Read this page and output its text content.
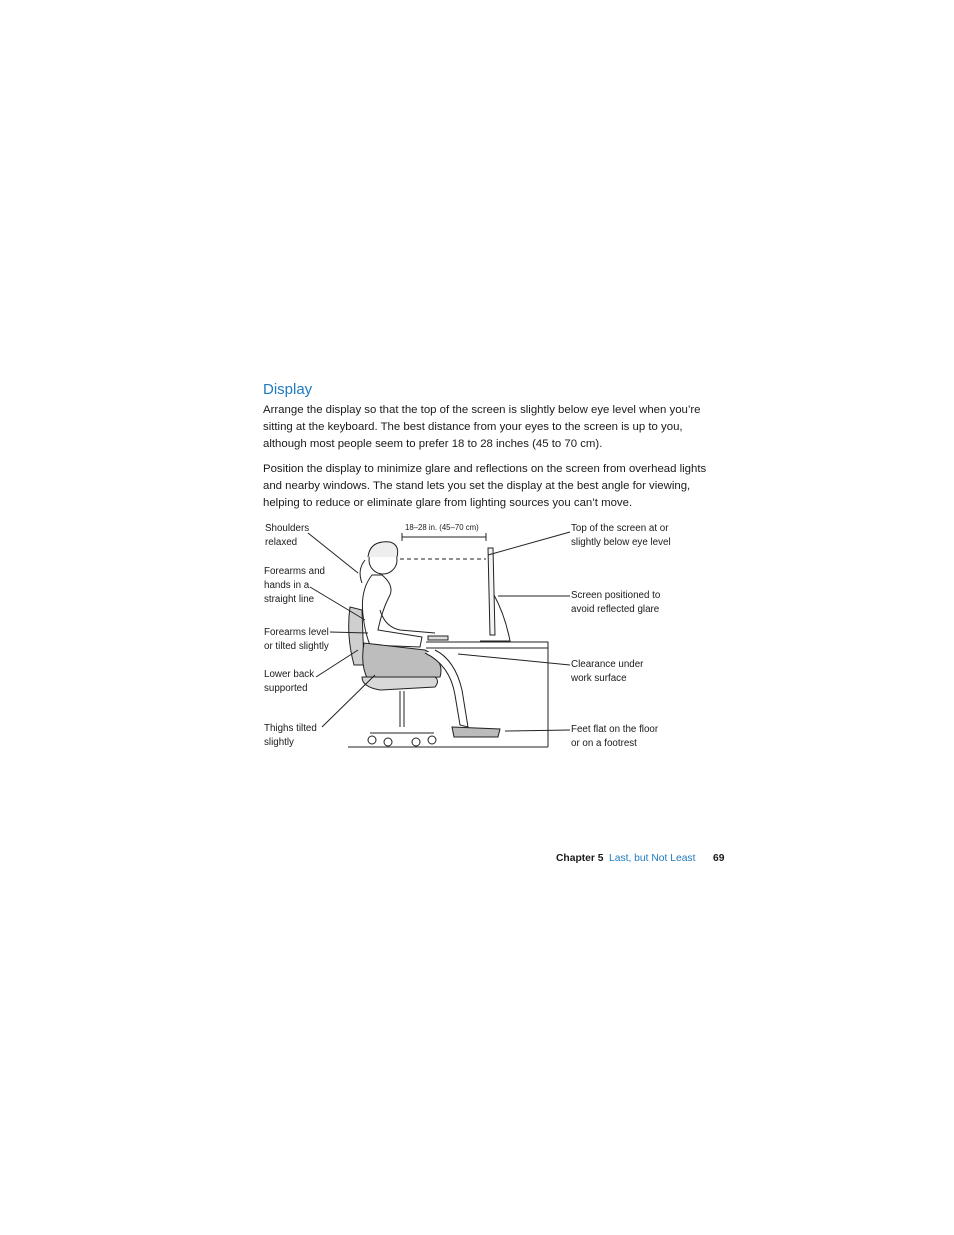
Display

Arrange the display so that the top of the screen is slightly below eye level when you’re sitting at the keyboard. The best distance from your eyes to the screen is up to you, although most people seem to prefer 18 to 28 inches (45 to 70 cm).

Position the display to minimize glare and reflections on the screen from overhead lights and nearby windows. The stand lets you set the display at the best angle for viewing, helping to reduce or eliminate glare from lighting sources you can’t move.

18–28 in. (45–70 cm)
Shoulders
relaxed
Forearms and
hands in a
straight line
Forearms level
or tilted slightly
Lower back
supported
Thighs tilted
slightly
Top of the screen at or
slightly below eye level
Screen positioned to
avoid reflected glare
Clearance under
work surface
Feet flat on the floor
or on a footrest
Chapter 5 Last, but Not Least 69
